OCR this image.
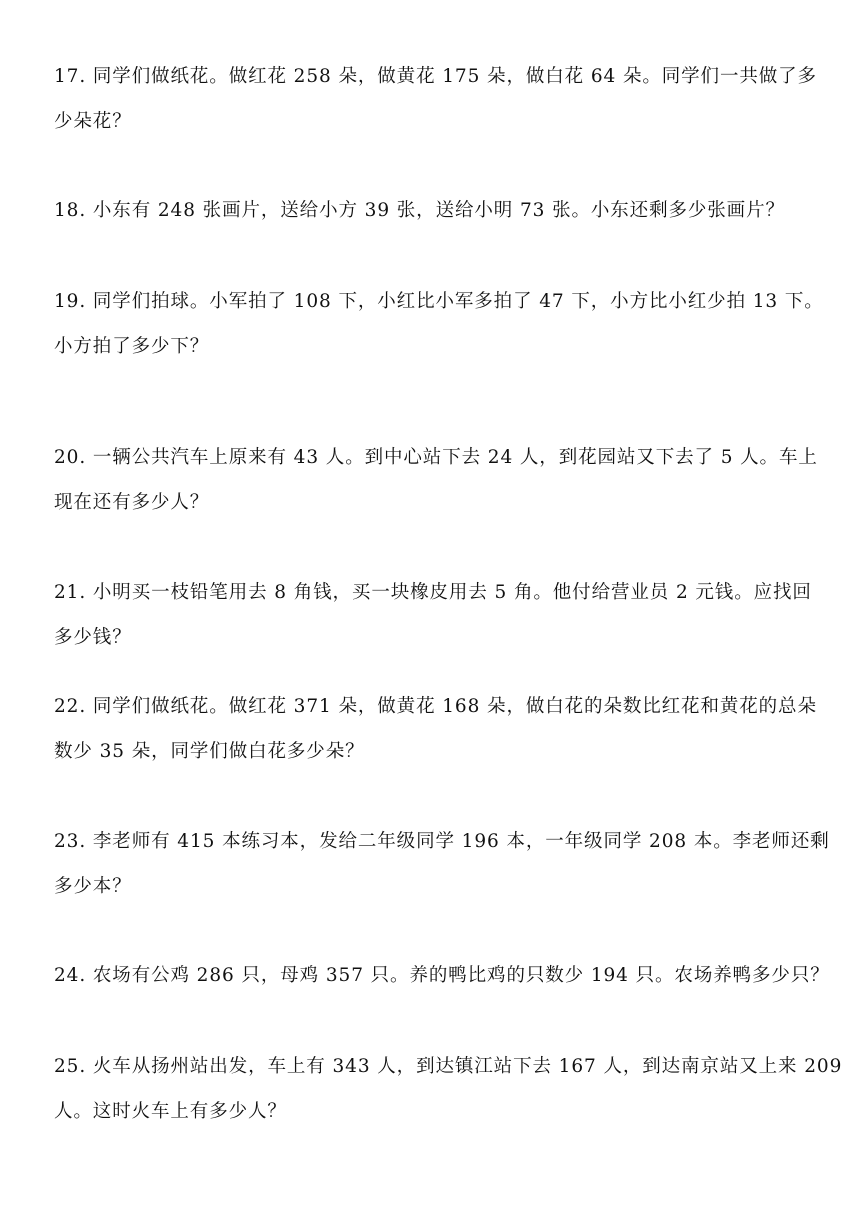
17. 同学们做纸花。做红花 258 朵，做黄花 175 朵，做白花 64 朵。同学们一共做了多
少朵花？

18. 小东有 248 张画片，送给小方 39 张，送给小明 73 张。小东还剩多少张画片？

19. 同学们拍球。小军拍了 108 下，小红比小军多拍了 47 下，小方比小红少拍 13 下。
小方拍了多少下？

20. 一辆公共汽车上原来有 43 人。到中心站下去 24 人，到花园站又下去了 5 人。车上
现在还有多少人？

21. 小明买一枝铅笔用去 8 角钱，买一块橡皮用去 5 角。他付给营业员 2 元钱。应找回
多少钱？

22. 同学们做纸花。做红花 371 朵，做黄花 168 朵，做白花的朵数比红花和黄花的总朵
数少 35 朵，同学们做白花多少朵？

23. 李老师有 415 本练习本，发给二年级同学 196 本，一年级同学 208 本。李老师还剩
多少本？

24. 农场有公鸡 286 只，母鸡 357 只。养的鸭比鸡的只数少 194 只。农场养鸭多少只？

25. 火车从扬州站出发，车上有 343 人，到达镇江站下去 167 人，到达南京站又上来 209
人。这时火车上有多少人？
